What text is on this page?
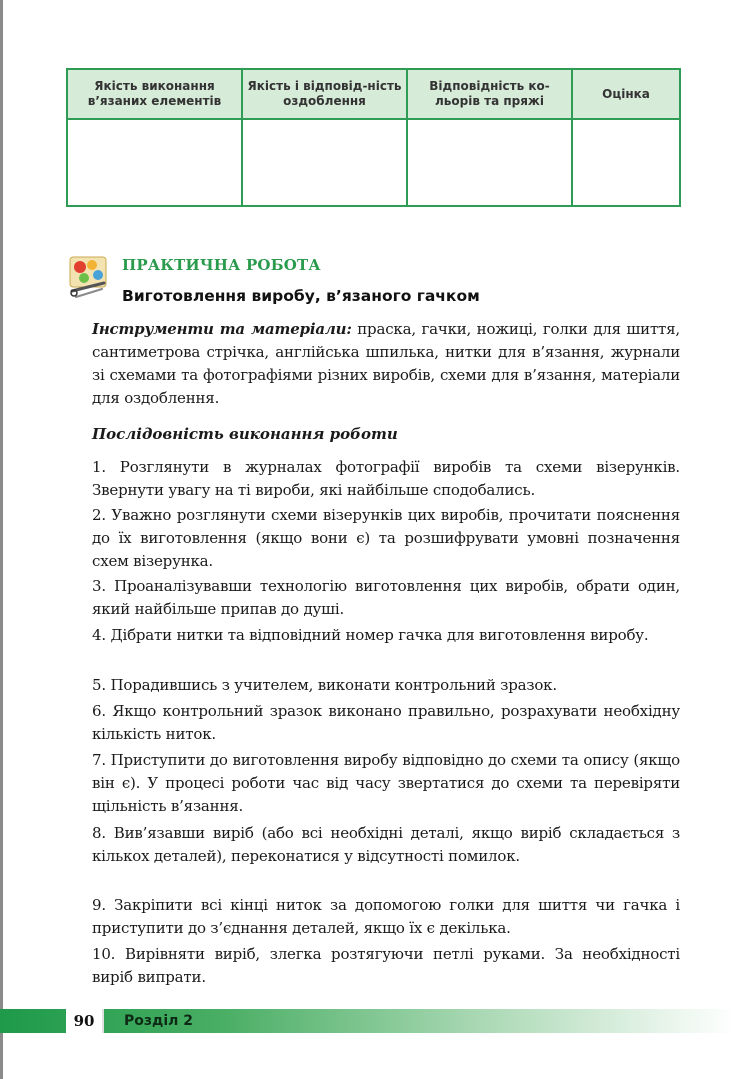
Якість виконання в’язаних елементів	Якість і відповід-ність оздоблення	Відповідність ко-льорів та пряжі	Оцінка

ПРАКТИЧНА РОБОТА
Виготовлення виробу, в’язаного гачком

Інструменти та матеріали: праска, гачки, ножиці, голки для шиття, сантиметрова стрічка, англійська шпилька, нитки для в’язання, журнали зі схемами та фотографіями різних виробів, схеми для в’язання, матеріали для оздоблення.

Послідовність виконання роботи

1. Розглянути в журналах фотографії виробів та схеми візерунків. Звернути увагу на ті вироби, які найбільше сподобались.

2. Уважно розглянути схеми візерунків цих виробів, прочитати пояснення до їх виготовлення (якщо вони є) та розшифрувати умовні позначення схем візерунка.

3. Проаналізувавши технологію виготовлення цих виробів, обрати один, який найбільше припав до душі.

4. Дібрати нитки та відповідний номер гачка для виготовлення виробу.

5. Порадившись з учителем, виконати контрольний зразок.

6. Якщо контрольний зразок виконано правильно, розрахувати необхідну кількість ниток.

7. Приступити до виготовлення виробу відповідно до схеми та опису (якщо він є). У процесі роботи час від часу звертатися до схеми та перевіряти щільність в’язання.

8. Вив’язавши виріб (або всі необхідні деталі, якщо виріб складається з кількох деталей), переконатися у відсутності помилок.

9. Закріпити всі кінці ниток за допомогою голки для шиття чи гачка і приступити до з’єднання деталей, якщо їх є декілька.

10. Вирівняти виріб, злегка розтягуючи петлі руками. За необхідності виріб випрати.

90	Розділ 2
